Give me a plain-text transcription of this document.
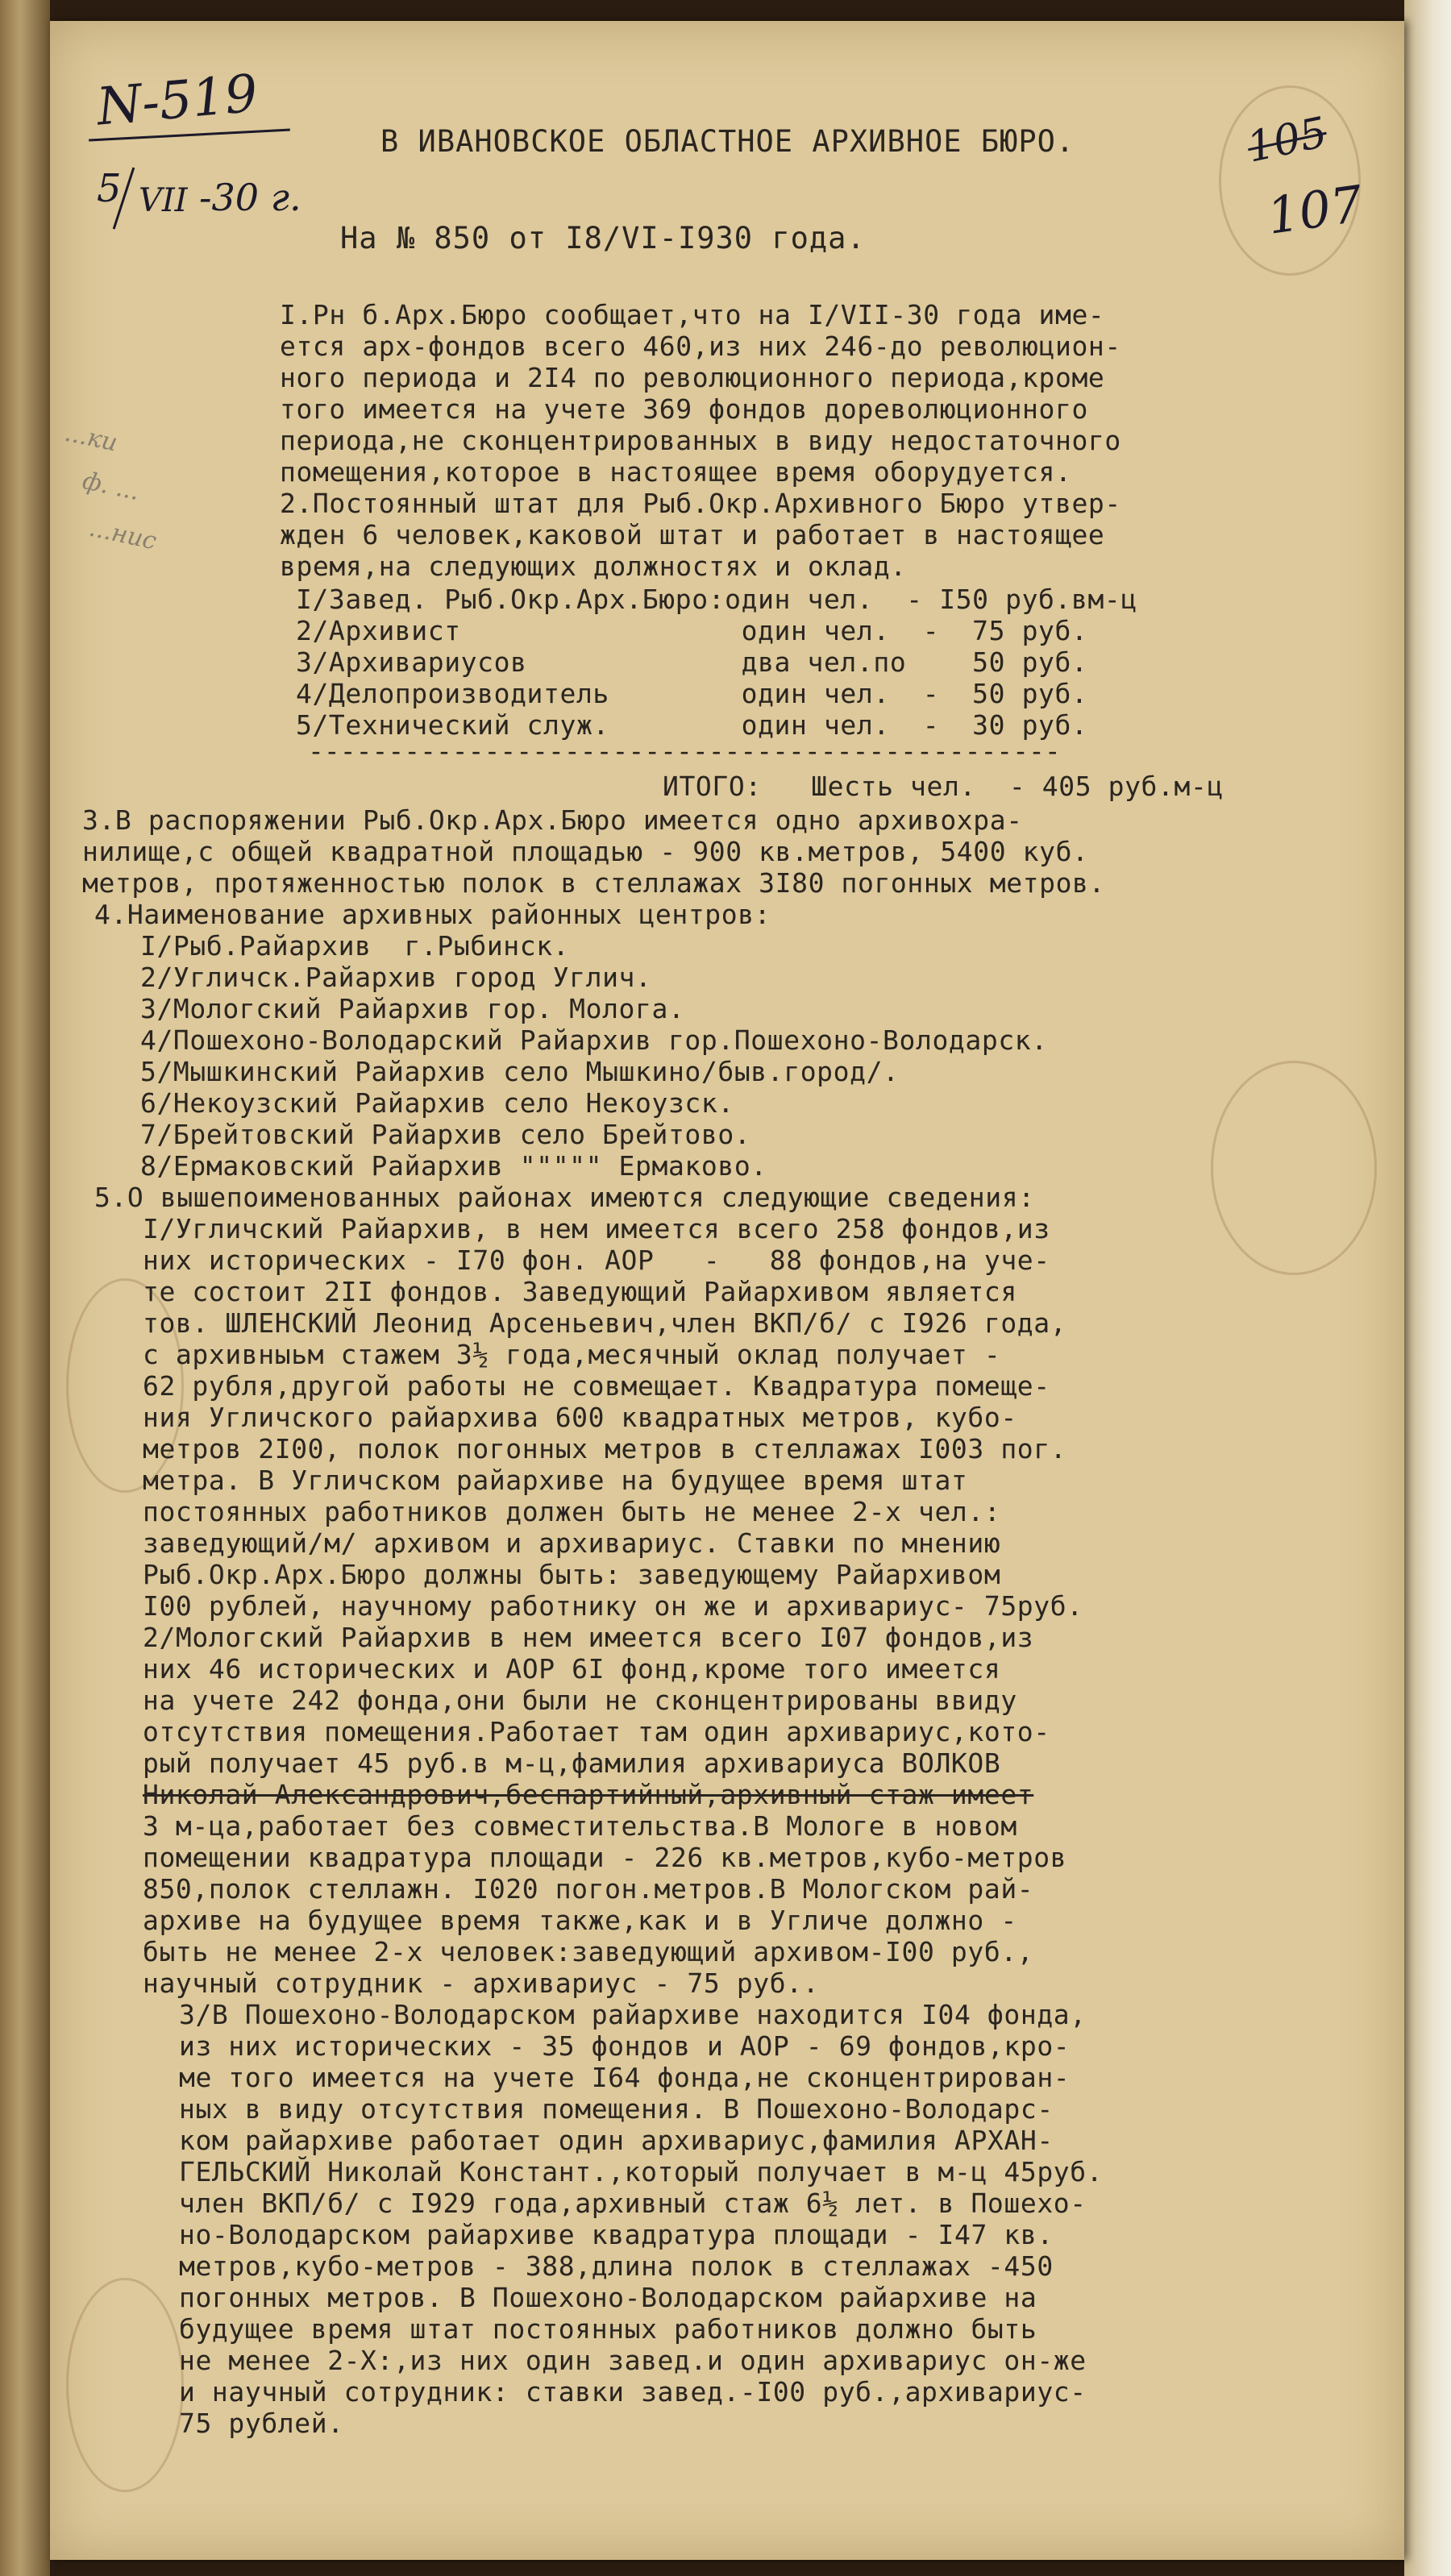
N-519
5 VII -30 г.
105
107
...ки
ф. ...
...нис
В ИВАНОВСКОЕ ОБЛАСТНОЕ АРХИВНОЕ БЮРО.
На № 850 от I8/VI-I930 года.
I.Рн б.Арх.Бюро сообщает,что на I/VII-30 года име-
ется арх-фондов всего 460,из них 246-до революцион-
ного периода и 2I4 по революционного периода,кроме
того имеется на учете 369 фондов дореволюционного
периода,не сконцентрированных в виду недостаточного
помещения,которое в настоящее время оборудуется.
2.Постоянный штат для Рыб.Окр.Архивного Бюро утвер-
жден 6 человек,каковой штат и работает в настоящее
время,на следующих должностях и оклад.
I/Завед. Рыб.Окр.Арх.Бюро:один чел.  - I50 руб.вм-ц
2/Архивист                 один чел.  -  75 руб.
3/Архивариусов             два чел.по    50 руб.
4/Делопроизводитель        один чел.  -  50 руб.
5/Технический служ.        один чел.  -  30 руб.
-----------------------------------------------
ИТОГО:   Шесть чел.  - 405 руб.м-ц
3.В распоряжении Рыб.Окр.Арх.Бюро имеется одно архивохра-
нилище,с общей квадратной площадью - 900 кв.метров, 5400 куб.
метров, протяженностью полок в стеллажах 3I80 погонных метров.
4.Наименование архивных районных центров:
I/Рыб.Райархив  г.Рыбинск.
2/Угличск.Райархив город Углич.
3/Мологский Райархив гор. Молога.
4/Пошехоно-Володарский Райархив гор.Пошехоно-Володарск.
5/Мышкинский Райархив село Мышкино/быв.город/.
6/Некоузский Райархив село Некоузск.
7/Брейтовский Райархив село Брейтово.
8/Ермаковский Райархив """"" Ермаково.
5.О вышепоименованных районах имеются следующие сведения:
I/Угличский Райархив, в нем имеется всего 258 фондов,из
них исторических - I70 фон. АОР   -   88 фондов,на уче-
те состоит 2II фондов. Заведующий Райархивом является
тов. ШЛЕНСКИЙ Леонид Арсеньевич,член ВКП/б/ с I926 года,
с архивныьм стажем 3½ года,месячный оклад получает -
62 рубля,другой работы не совмещает. Квадратура помеще-
ния Угличского райархива 600 квадратных метров, кубо-
метров 2I00, полок погонных метров в стеллажах I003 пог.
метра. В Угличском райархиве на будущее время штат
постоянных работников должен быть не менее 2-х чел.:
заведующий/м/ архивом и архивариус. Ставки по мнению
Рыб.Окр.Арх.Бюро должны быть: заведующему Райархивом
I00 рублей, научному работнику он же и архивариус- 75руб.
2/Мологский Райархив в нем имеется всего I07 фондов,из
них 46 исторических и АОР 6I фонд,кроме того имеется
на учете 242 фонда,они были не сконцентрированы ввиду
отсутствия помещения.Работает там один архивариус,кото-
рый получает 45 руб.в м-ц,фамилия архивариуса ВОЛКОВ
Николай Александрович,беспартийный,архивный стаж имеет
3 м-ца,работает без совместительства.В Мологе в новом
помещении квадратура площади - 226 кв.метров,кубо-метров
850,полок стеллажн. I020 погон.метров.В Мологском рай-
архиве на будущее время также,как и в Угличе должно -
быть не менее 2-х человек:заведующий архивом-I00 руб.,
научный сотрудник - архивариус - 75 руб..
3/В Пошехоно-Володарском райархиве находится I04 фонда,
из них исторических - 35 фондов и АОР - 69 фондов,кро-
ме того имеется на учете I64 фонда,не сконцентрирован-
ных в виду отсутствия помещения. В Пошехоно-Володарс-
ком райархиве работает один архивариус,фамилия АРХАН-
ГЕЛЬСКИЙ Николай Констант.,который получает в м-ц 45руб.
член ВКП/б/ с I929 года,архивный стаж 6½ лет. в Пошехо-
но-Володарском райархиве квадратура площади - I47 кв.
метров,кубо-метров - 388,длина полок в стеллажах -450
погонных метров. В Пошехоно-Володарском райархиве на
будущее время штат постоянных работников должно быть
не менее 2-Х:,из них один завед.и один архивариус он-же
и научный сотрудник: ставки завед.-I00 руб.,архивариус-
75 рублей.
